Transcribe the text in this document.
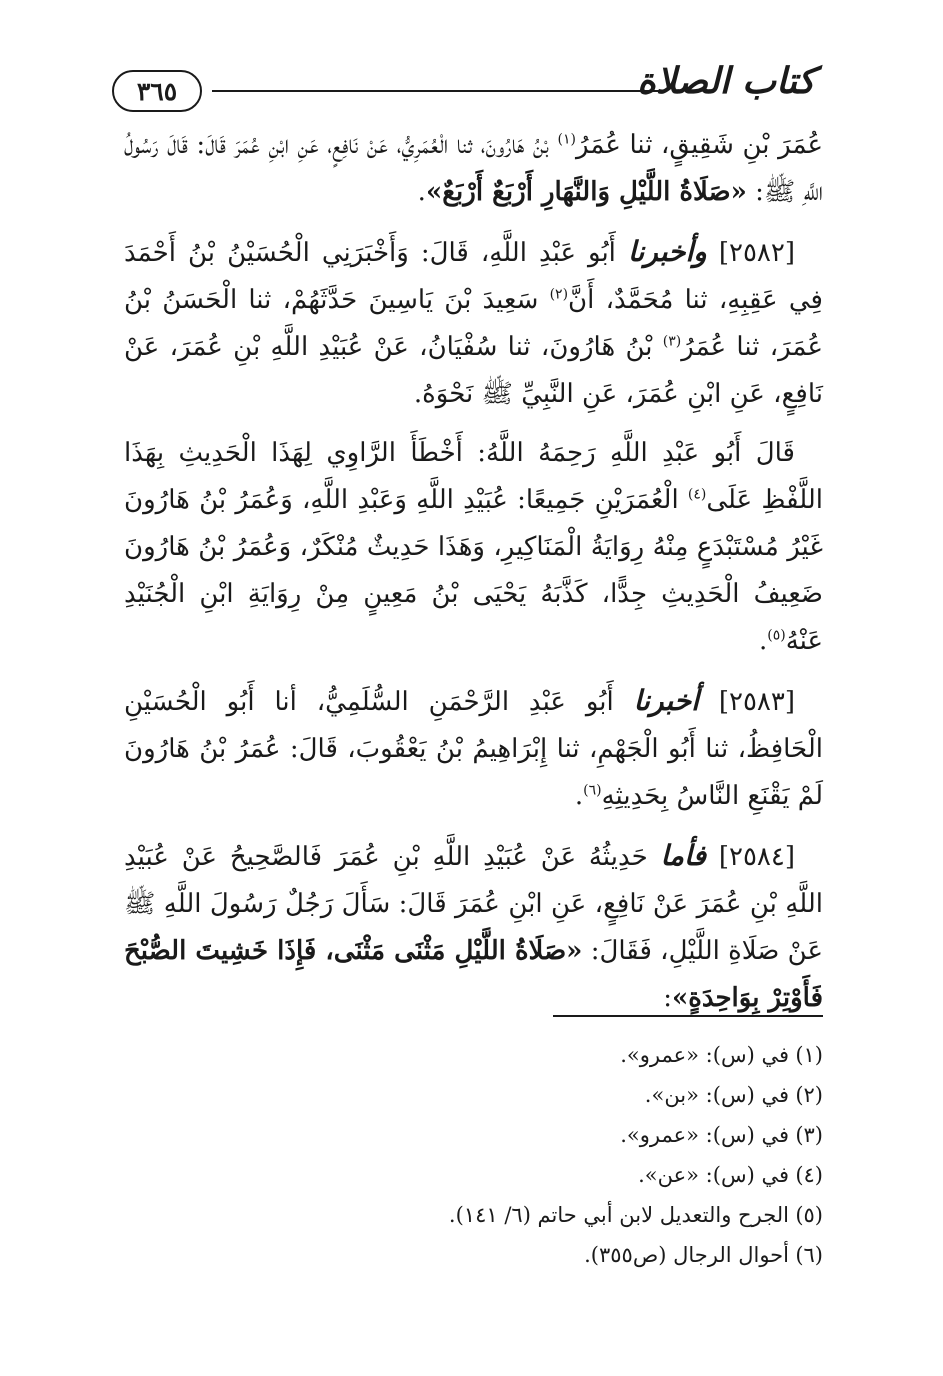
كتاب الصلاة
٣٦٥

عُمَرَ بْنِ شَقِيقٍ، ثنا عُمَرُ$^{(١)}$ بْنُ هَارُونَ، ثنا الْعُمَرِيُّ، عَنْ نَافِعٍ، عَنِ ابْنِ عُمَرَ قَالَ: قَالَ رَسُولُ اللَّهِ ﷺ: «صَلَاةُ اللَّيْلِ وَالنَّهَارِ أَرْبَعٌ أَرْبَعٌ».

[٢٥٨٢] وأخبرنا أَبُو عَبْدِ اللَّهِ، قَالَ: وَأَخْبَرَنِي الْحُسَيْنُ بْنُ أَحْمَدَ فِي عَقِبِهِ، ثنا مُحَمَّدٌ، أَنَّ$^{(٢)}$ سَعِيدَ بْنَ يَاسِينَ حَدَّثَهُمْ، ثنا الْحَسَنُ بْنُ عُمَرَ، ثنا عُمَرُ$^{(٣)}$ بْنُ هَارُونَ، ثنا سُفْيَانُ، عَنْ عُبَيْدِ اللَّهِ بْنِ عُمَرَ، عَنْ نَافِعٍ، عَنِ ابْنِ عُمَرَ، عَنِ النَّبِيِّ ﷺ نَحْوَهُ.

قَالَ أَبُو عَبْدِ اللَّهِ رَحِمَهُ اللَّهُ: أَخْطَأَ الرَّاوِي لِهَذَا الْحَدِيثِ بِهَذَا اللَّفْظِ عَلَى$^{(٤)}$ الْعُمَرَيْنِ جَمِيعًا: عُبَيْدِ اللَّهِ وَعَبْدِ اللَّهِ، وَعُمَرُ بْنُ هَارُونَ غَيْرُ مُسْتَبْدَعٍ مِنْهُ رِوَايَةُ الْمَنَاكِيرِ، وَهَذَا حَدِيثٌ مُنْكَرٌ، وَعُمَرُ بْنُ هَارُونَ ضَعِيفُ الْحَدِيثِ جِدًّا، كَذَّبَهُ يَحْيَى بْنُ مَعِينٍ مِنْ رِوَايَةِ ابْنِ الْجُنَيْدِ عَنْهُ$^{(٥)}$.

[٢٥٨٣] أخبرنا أَبُو عَبْدِ الرَّحْمَنِ السُّلَمِيُّ، أنا أَبُو الْحُسَيْنِ الْحَافِظُ، ثنا أَبُو الْجَهْمِ، ثنا إِبْرَاهِيمُ بْنُ يَعْقُوبَ، قَالَ: عُمَرُ بْنُ هَارُونَ لَمْ يَقْنَعِ النَّاسُ بِحَدِيثِهِ$^{(٦)}$.

[٢٥٨٤] فأما حَدِيثُهُ عَنْ عُبَيْدِ اللَّهِ بْنِ عُمَرَ فَالصَّحِيحُ عَنْ عُبَيْدِ اللَّهِ بْنِ عُمَرَ عَنْ نَافِعٍ، عَنِ ابْنِ عُمَرَ قَالَ: سَأَلَ رَجُلٌ رَسُولَ اللَّهِ ﷺ عَنْ صَلَاةِ اللَّيْلِ، فَقَالَ: «صَلَاةُ اللَّيْلِ مَثْنَى مَثْنَى، فَإِذَا خَشِيتَ الصُّبْحَ فَأَوْتِرْ بِوَاحِدَةٍ»:

(١)في (س): «عمرو».
(٢)في (س): «بن».
(٣)في (س): «عمرو».
(٤)في (س): «عن».
(٥)الجرح والتعديل لابن أبي حاتم (٦/ ١٤١).
(٦)أحوال الرجال (ص٣٥٥).
